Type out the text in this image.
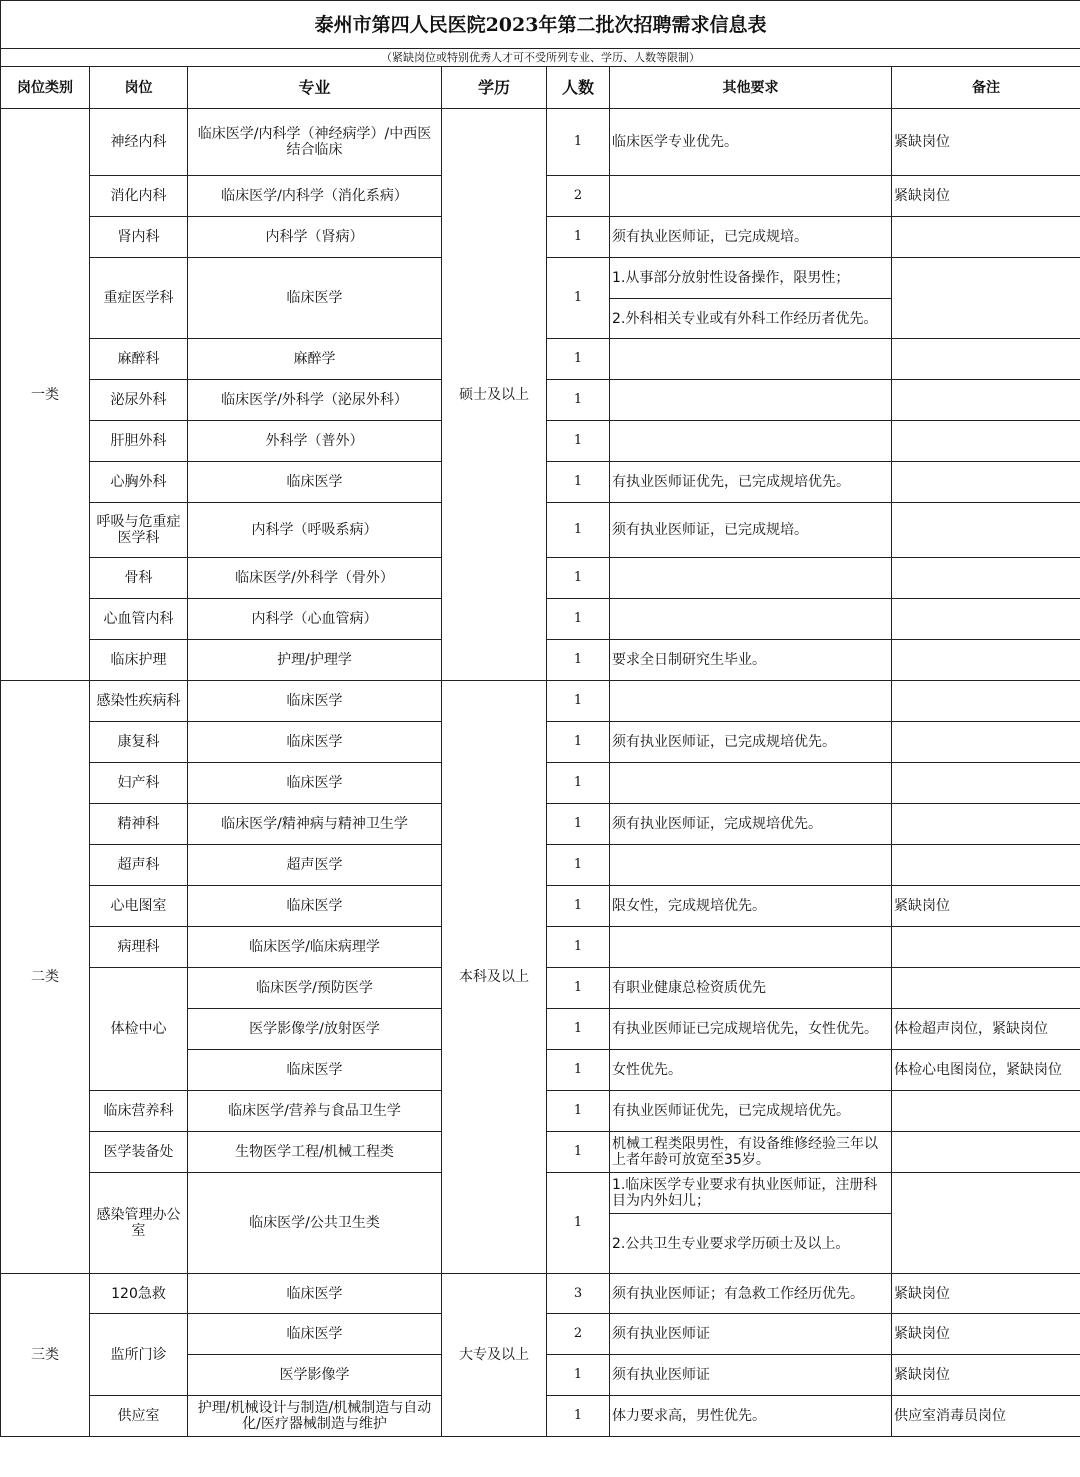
泰州市第四人民医院2023年第二批次招聘需求信息表						
（紧缺岗位或特别优秀人才可不受所列专业、学历、人数等限制）						
岗位类别	岗位	专业	学历	人数	其他要求	备注
一类	神经内科	临床医学/内科学（神经病学）/中西医结合临床	硕士及以上	1	临床医学专业优先。	紧缺岗位
	消化内科	临床医学/内科学（消化系病）		2		紧缺岗位
	肾内科	内科学（肾病）		1	须有执业医师证，已完成规培。	
	重症医学科	临床医学		1	1.从事部分放射性设备操作，限男性；	
					2.外科相关专业或有外科工作经历者优先。	
	麻醉科	麻醉学		1		
	泌尿外科	临床医学/外科学（泌尿外科）		1		
	肝胆外科	外科学（普外）		1		
	心胸外科	临床医学		1	有执业医师证优先，已完成规培优先。	
	呼吸与危重症医学科	内科学（呼吸系病）		1	须有执业医师证，已完成规培。	
	骨科	临床医学/外科学（骨外）		1		
	心血管内科	内科学（心血管病）		1		
	临床护理	护理/护理学		1	要求全日制研究生毕业。	
二类	感染性疾病科	临床医学	本科及以上	1		
	康复科	临床医学		1	须有执业医师证，已完成规培优先。	
	妇产科	临床医学		1		
	精神科	临床医学/精神病与精神卫生学		1	须有执业医师证，完成规培优先。	
	超声科	超声医学		1		
	心电图室	临床医学		1	限女性，完成规培优先。	紧缺岗位
	病理科	临床医学/临床病理学		1		
	体检中心	临床医学/预防医学		1	有职业健康总检资质优先	
		医学影像学/放射医学		1	有执业医师证已完成规培优先，女性优先。	体检超声岗位，紧缺岗位
		临床医学		1	女性优先。	体检心电图岗位，紧缺岗位
	临床营养科	临床医学/营养与食品卫生学		1	有执业医师证优先，已完成规培优先。	
	医学装备处	生物医学工程/机械工程类		1	机械工程类限男性，有设备维修经验三年以上者年龄可放宽至35岁。	
	感染管理办公室	临床医学/公共卫生类		1	1.临床医学专业要求有执业医师证，注册科目为内外妇儿；	
					2.公共卫生专业要求学历硕士及以上。	
三类	120急救	临床医学	大专及以上	3	须有执业医师证；有急救工作经历优先。	紧缺岗位
	监所门诊	临床医学		2	须有执业医师证	紧缺岗位
		医学影像学		1	须有执业医师证	紧缺岗位
	供应室	护理/机械设计与制造/机械制造与自动化/医疗器械制造与维护		1	体力要求高，男性优先。	供应室消毒员岗位
